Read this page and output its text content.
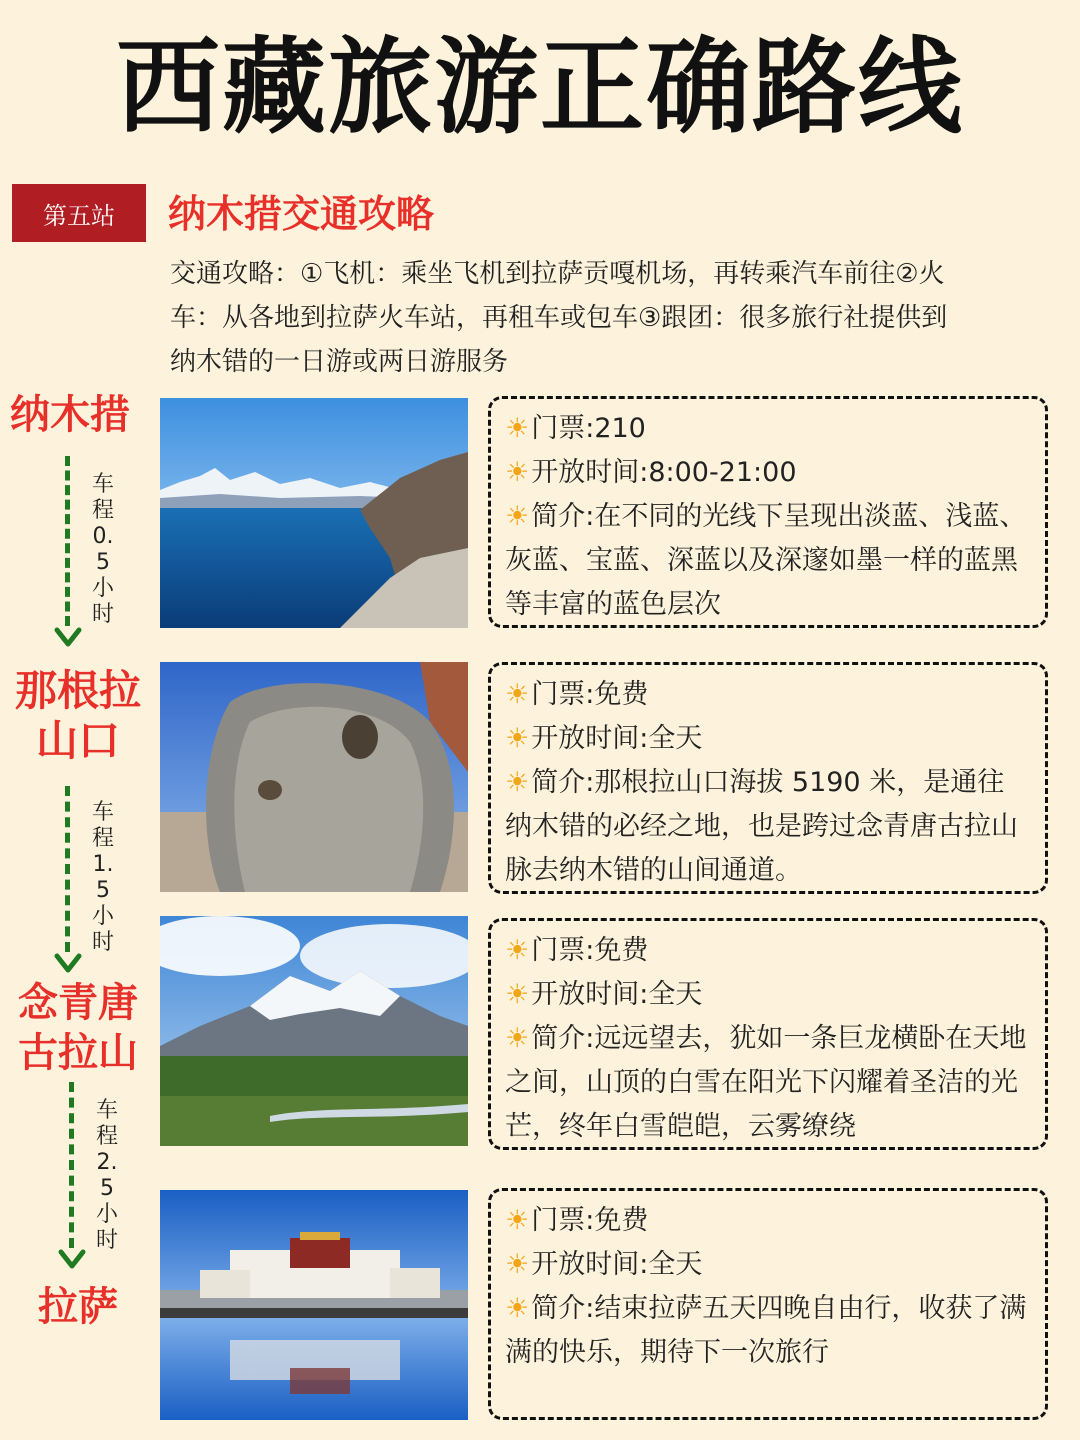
西藏旅游正确路线
第五站	纳木措交通攻略
交通攻略：①飞机：乘坐飞机到拉萨贡嘎机场，再转乘汽车前往②火车：从各地到拉萨火车站，再租车或包车③跟团：很多旅行社提供到纳木错的一日游或两日游服务
纳木措
那根拉山口
念青唐古拉山
拉萨
车程0.5小时
车程1.5小时
车程2.5小时
☀门票:210
☀开放时间:8:00-21:00
☀简介:在不同的光线下呈现出淡蓝、浅蓝、灰蓝、宝蓝、深蓝以及深邃如墨一样的蓝黑等丰富的蓝色层次
☀门票:免费
☀开放时间:全天
☀简介:那根拉山口海拔 5190 米，是通往纳木错的必经之地，也是跨过念青唐古拉山脉去纳木错的山间通道。
☀门票:免费
☀开放时间:全天
☀简介:远远望去，犹如一条巨龙横卧在天地之间，山顶的白雪在阳光下闪耀着圣洁的光芒，终年白雪皑皑，云雾缭绕
☀门票:免费
☀开放时间:全天
☀简介:结束拉萨五天四晚自由行，收获了满满的快乐，期待下一次旅行
